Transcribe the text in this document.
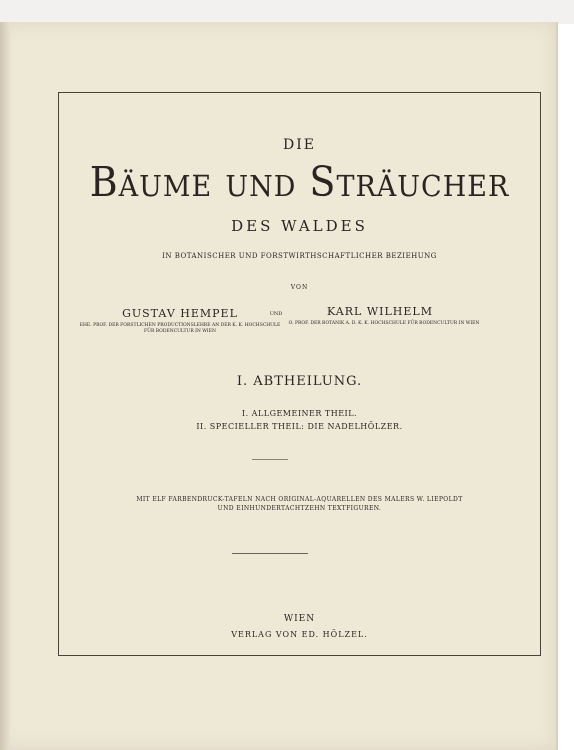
DIE
Bäume und Sträucher
DES WALDES
IN BOTANISCHER UND FORSTWIRTHSCHAFTLICHER BEZIEHUNG
VON
GUSTAV HEMPEL
EHE. PROF. DER FORSTLICHEN PRODUCTIONSLEHRE AN DER K. K. HOCHSCHULE FÜR BODENCULTUR IN WIEN
UND	KARL WILHELM
O. PROF. DER BOTANIK A. D. K. K. HOCHSCHULE FÜR BODENCULTUR IN WIEN
I. ABTHEILUNG.
I. ALLGEMEINER THEIL.
II. SPECIELLER THEIL: DIE NADELHÖLZER.
MIT ELF FARBENDRUCK-TAFELN NACH ORIGINAL-AQUARELLEN DES MALERS W. LIEPOLDT
UND EINHUNDERTACHTZEHN TEXTFIGUREN.
WIEN
VERLAG VON ED. HÖLZEL.
